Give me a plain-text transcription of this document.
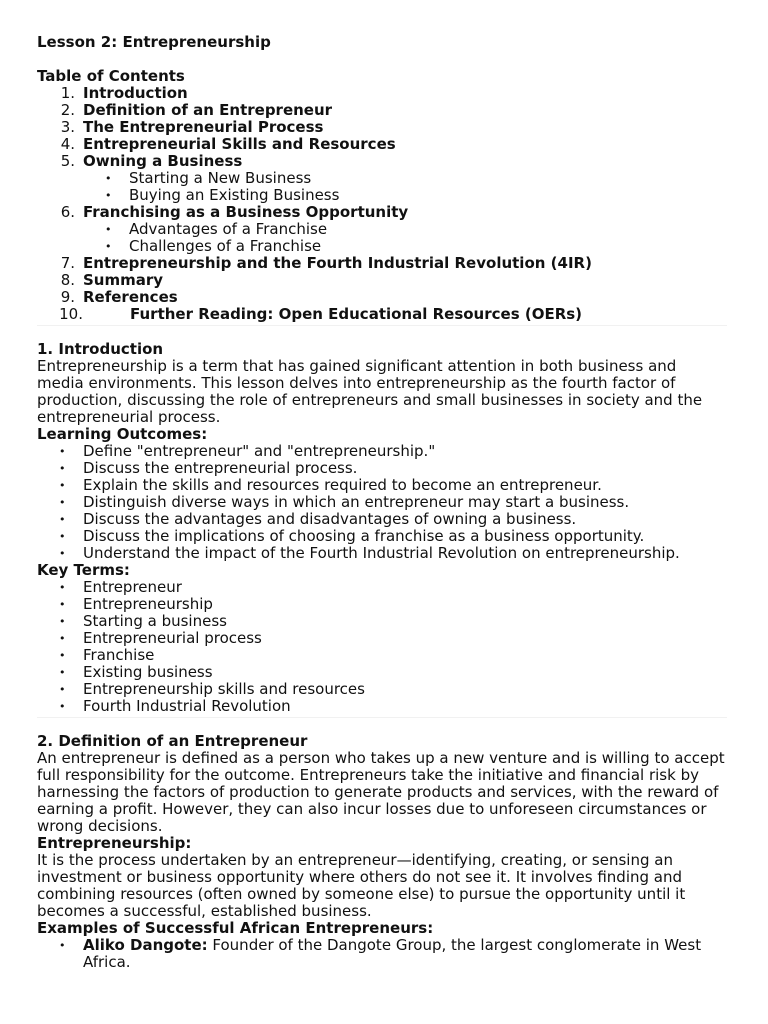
Lesson 2: Entrepreneurship
Table of Contents
1. Introduction
2. Definition of an Entrepreneur
3. The Entrepreneurial Process
4. Entrepreneurial Skills and Resources
5. Owning a Business
• Starting a New Business
• Buying an Existing Business
6. Franchising as a Business Opportunity
• Advantages of a Franchise
• Challenges of a Franchise
7. Entrepreneurship and the Fourth Industrial Revolution (4IR)
8. Summary
9. References
10.	Further Reading: Open Educational Resources (OERs)
1. Introduction

Entrepreneurship is a term that has gained significant attention in both business and media environments. This lesson delves into entrepreneurship as the fourth factor of production, discussing the role of entrepreneurs and small businesses in society and the entrepreneurial process.

Learning Outcomes:
• Define "entrepreneur" and "entrepreneurship."
• Discuss the entrepreneurial process.
• Explain the skills and resources required to become an entrepreneur.
• Distinguish diverse ways in which an entrepreneur may start a business.
• Discuss the advantages and disadvantages of owning a business.
• Discuss the implications of choosing a franchise as a business opportunity.
• Understand the impact of the Fourth Industrial Revolution on entrepreneurship.
Key Terms:
• Entrepreneur
• Entrepreneurship
• Starting a business
• Entrepreneurial process
• Franchise
• Existing business
• Entrepreneurship skills and resources
• Fourth Industrial Revolution
2. Definition of an Entrepreneur

An entrepreneur is defined as a person who takes up a new venture and is willing to accept full responsibility for the outcome. Entrepreneurs take the initiative and financial risk by harnessing the factors of production to generate products and services, with the reward of earning a profit. However, they can also incur losses due to unforeseen circumstances or wrong decisions.

Entrepreneurship:

It is the process undertaken by an entrepreneur—identifying, creating, or sensing an investment or business opportunity where others do not see it. It involves finding and combining resources (often owned by someone else) to pursue the opportunity until it becomes a successful, established business.

Examples of Successful African Entrepreneurs:
• Aliko Dangote: Founder of the Dangote Group, the largest conglomerate in West Africa.
